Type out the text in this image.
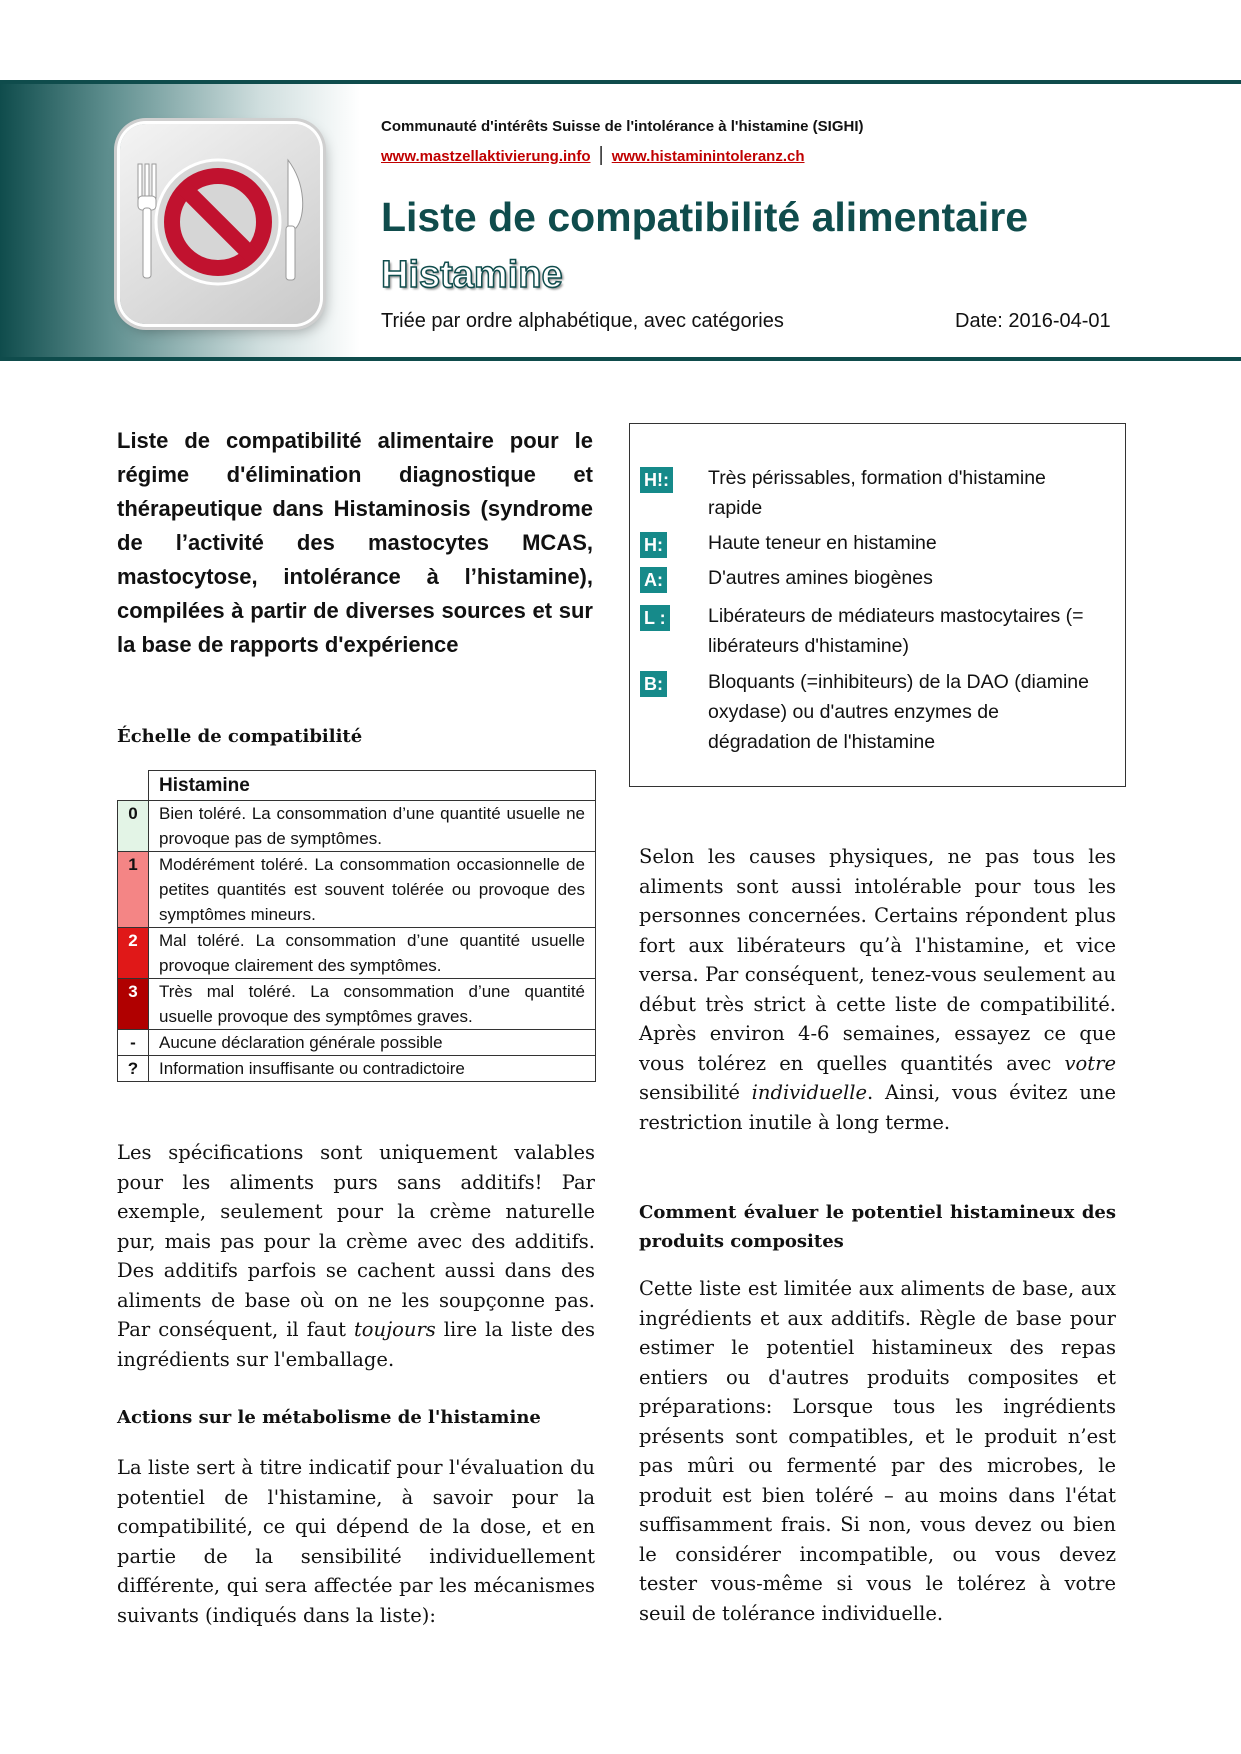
Communauté d'intérêts Suisse de l'intolérance à l'histamine (SIGHI)
www.mastzellaktivierung.info | www.histaminintoleranz.ch
Liste de compatibilité alimentaire
Histamine
Triée par ordre alphabétique, avec catégories	Date: 2016-04-01
Liste de compatibilité alimentaire pour le régime d'élimination diagnostique et thérapeutique dans Histaminosis (syndrome de l’activité des mastocytes MCAS, mastocytose, intolérance à l’histamine), compilées à partir de diverses sources et sur la base de rapports d'expérience
Échelle de compatibilité
	Histamine
0	Bien toléré. La consommation d’une quantité usuelle ne provoque pas de symptômes.
1	Modérément toléré. La consommation occasionnelle de petites quantités est souvent tolérée ou provoque des symptômes mineurs.
2	Mal toléré. La consommation d’une quantité usuelle provoque clairement des symptômes.
3	Très mal toléré. La consommation d’une quantité usuelle provoque des symptômes graves.
-	Aucune déclaration générale possible
?	Information insuffisante ou contradictoire
Les spécifications sont uniquement valables pour les aliments purs sans additifs! Par exemple, seulement pour la crème naturelle pur, mais pas pour la crème avec des additifs. Des additifs parfois se cachent aussi dans des aliments de base où on ne les soupçonne pas. Par conséquent, il faut toujours lire la liste des ingrédients sur l'emballage.
Actions sur le métabolisme de l'histamine
La liste sert à titre indicatif pour l'évaluation du potentiel de l'histamine, à savoir pour la compatibilité, ce qui dépend de la dose, et en partie de la sensibilité individuellement différente, qui sera affectée par les mécanismes suivants (indiqués dans la liste):
H!: Très périssables, formation d'histamine rapide
H: Haute teneur en histamine
A: D'autres amines biogènes
L : Libérateurs de médiateurs mastocytaires (= libérateurs d'histamine)
B: Bloquants (=inhibiteurs) de la DAO (diamine oxydase) ou d'autres enzymes de dégradation de l'histamine
Selon les causes physiques, ne pas tous les aliments sont aussi intolérable pour tous les personnes concernées. Certains répondent plus fort aux libérateurs qu’à l'histamine, et vice versa. Par conséquent, tenez-vous seulement au début très strict à cette liste de compatibilité. Après environ 4-6 semaines, essayez ce que vous tolérez en quelles quantités avec votre sensibilité individuelle. Ainsi, vous évitez une restriction inutile à long terme.
Comment évaluer le potentiel histamineux des produits composites
Cette liste est limitée aux aliments de base, aux ingrédients et aux additifs. Règle de base pour estimer le potentiel histamineux des repas entiers ou d'autres produits composites et préparations: Lorsque tous les ingrédients présents sont compatibles, et le produit n’est pas mûri ou fermenté par des microbes, le produit est bien toléré – au moins dans l'état suffisamment frais. Si non, vous devez ou bien le considérer incompatible, ou vous devez tester vous-même si vous le tolérez à votre seuil de tolérance individuelle.
